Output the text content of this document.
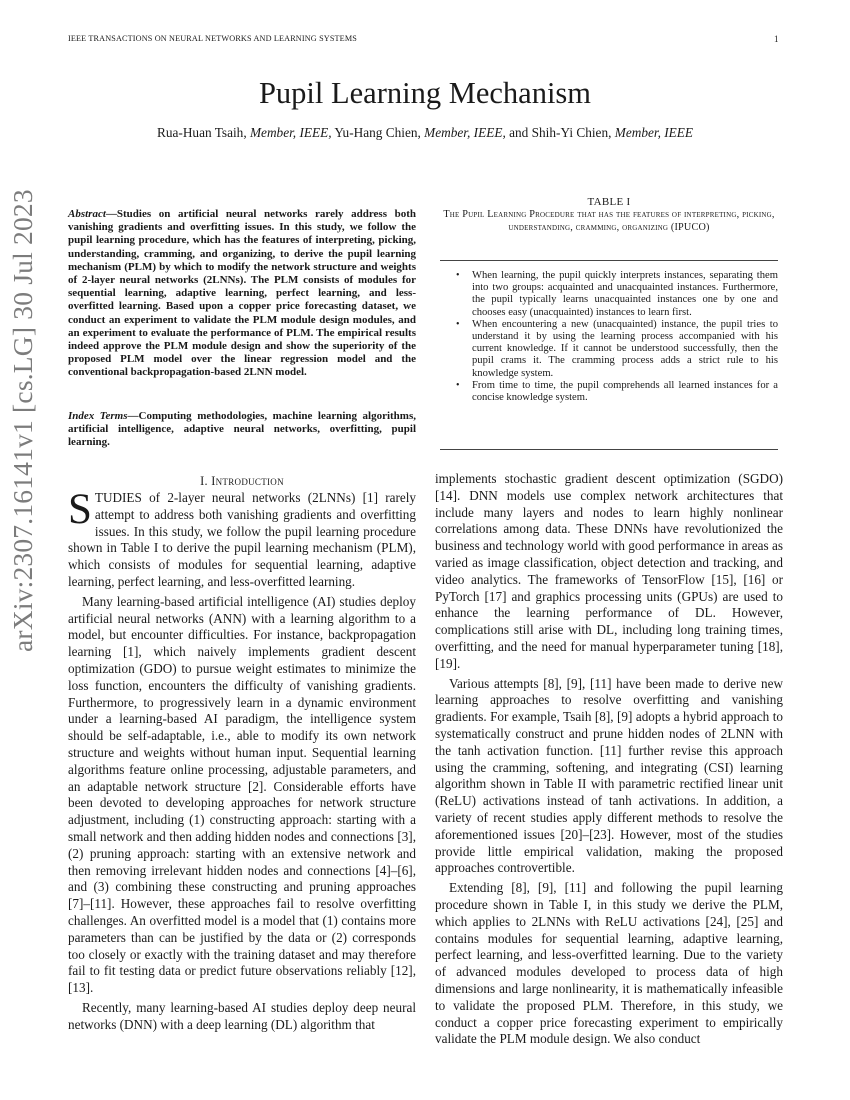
IEEE TRANSACTIONS ON NEURAL NETWORKS AND LEARNING SYSTEMS	1
arXiv:2307.16141v1 [cs.LG] 30 Jul 2023
Pupil Learning Mechanism
Rua-Huan Tsaih, Member, IEEE, Yu-Hang Chien, Member, IEEE, and Shih-Yi Chien, Member, IEEE
Abstract—Studies on artificial neural networks rarely address both vanishing gradients and overfitting issues. In this study, we follow the pupil learning procedure, which has the features of interpreting, picking, understanding, cramming, and organizing, to derive the pupil learning mechanism (PLM) by which to modify the network structure and weights of 2-layer neural networks (2LNNs). The PLM consists of modules for sequential learning, adaptive learning, perfect learning, and less-overfitted learning. Based upon a copper price forecasting dataset, we conduct an experiment to validate the PLM module design modules, and an experiment to evaluate the performance of PLM. The empirical results indeed approve the PLM module design and show the superiority of the proposed PLM model over the linear regression model and the conventional backpropagation-based 2LNN model.
Index Terms—Computing methodologies, machine learning algorithms, artificial intelligence, adaptive neural networks, overfitting, pupil learning.
I. Introduction

STUDIES of 2-layer neural networks (2LNNs) [1] rarely attempt to address both vanishing gradients and overfitting issues. In this study, we follow the pupil learning procedure shown in Table I to derive the pupil learning mechanism (PLM), which consists of modules for sequential learning, adaptive learning, perfect learning, and less-overfitted learning.

Many learning-based artificial intelligence (AI) studies deploy artificial neural networks (ANN) with a learning algorithm to a model, but encounter difficulties. For instance, backpropagation learning [1], which naively implements gradient descent optimization (GDO) to pursue weight estimates to minimize the loss function, encounters the difficulty of vanishing gradients. Furthermore, to progressively learn in a dynamic environment under a learning-based AI paradigm, the intelligence system should be self-adaptable, i.e., able to modify its own network structure and weights without human input. Sequential learning algorithms feature online processing, adjustable parameters, and an adaptable network structure [2]. Considerable efforts have been devoted to developing approaches for network structure adjustment, including (1) constructing approach: starting with a small network and then adding hidden nodes and connections [3], (2) pruning approach: starting with an extensive network and then removing irrelevant hidden nodes and connections [4]–[6], and (3) combining these constructing and pruning approaches [7]–[11]. However, these approaches fail to resolve overfitting challenges. An overfitted model is a model that (1) contains more parameters than can be justified by the data or (2) corresponds too closely or exactly with the training dataset and may therefore fail to fit testing data or predict future observations reliably [12], [13].

Recently, many learning-based AI studies deploy deep neural networks (DNN) with a deep learning (DL) algorithm that

implements stochastic gradient descent optimization (SGDO) [14]. DNN models use complex network architectures that include many layers and nodes to learn highly nonlinear correlations among data. These DNNs have revolutionized the business and technology world with good performance in areas as varied as image classification, object detection and tracking, and video analytics. The frameworks of TensorFlow [15], [16] or PyTorch [17] and graphics processing units (GPUs) are used to enhance the learning performance of DL. However, complications still arise with DL, including long training times, overfitting, and the need for manual hyperparameter tuning [18], [19].

Various attempts [8], [9], [11] have been made to derive new learning approaches to resolve overfitting and vanishing gradients. For example, Tsaih [8], [9] adopts a hybrid approach to systematically construct and prune hidden nodes of 2LNN with the tanh activation function. [11] further revise this approach using the cramming, softening, and integrating (CSI) learning algorithm shown in Table II with parametric rectified linear unit (ReLU) activations instead of tanh activations. In addition, a variety of recent studies apply different methods to resolve the aforementioned issues [20]–[23]. However, most of the studies provide little empirical validation, making the proposed approaches controvertible.

Extending [8], [9], [11] and following the pupil learning procedure shown in Table I, in this study we derive the PLM, which applies to 2LNNs with ReLU activations [24], [25] and contains modules for sequential learning, adaptive learning, perfect learning, and less-overfitted learning. Due to the variety of advanced modules developed to process data of high dimensions and large nonlinearity, it is mathematically infeasible to validate the proposed PLM. Therefore, in this study, we conduct a copper price forecasting experiment to empirically validate the PLM module design. We also conduct

TABLE I
The Pupil Learning Procedure that has the features of interpreting, picking, understanding, cramming, organizing (IPUCO)
• When learning, the pupil quickly interprets instances, separating them into two groups: acquainted and unacquainted instances. Furthermore, the pupil typically learns unacquainted instances one by one and chooses easy (unacquainted) instances to learn first.
• When encountering a new (unacquainted) instance, the pupil tries to understand it by using the learning process accompanied with his current knowledge. If it cannot be understood successfully, then the pupil crams it. The cramming process adds a strict rule to his knowledge system.
• From time to time, the pupil comprehends all learned instances for a concise knowledge system.
